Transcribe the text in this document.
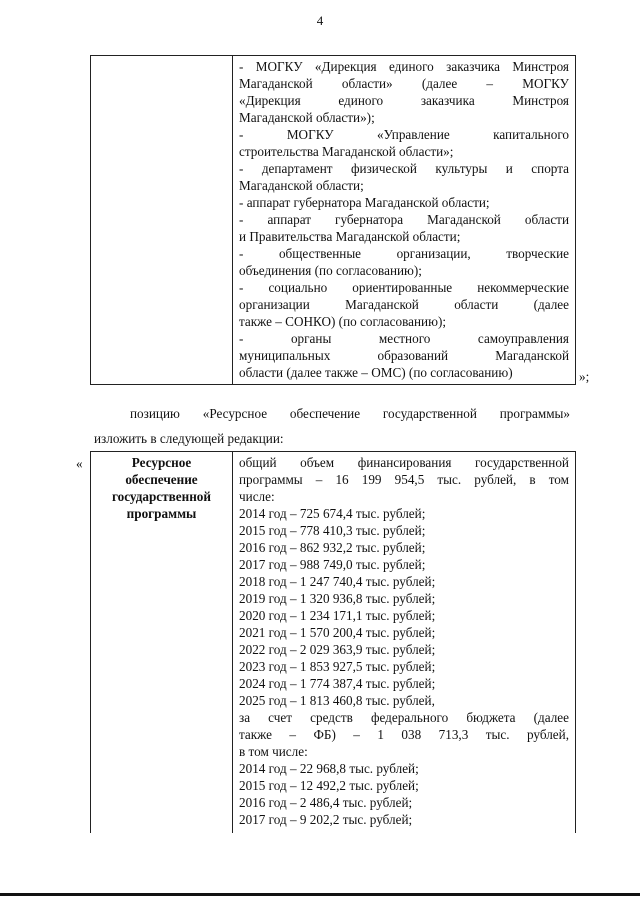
4
- МОГКУ «Дирекция единого заказчика Минстроя
Магаданской области» (далее – МОГКУ
«Дирекция единого заказчика Минстроя
Магаданской области»);
- МОГКУ «Управление капитального
строительства Магаданской области»;
- департамент физической культуры и спорта
Магаданской области;
- аппарат губернатора Магаданской области;
- аппарат губернатора Магаданской области
и Правительства Магаданской области;
- общественные организации, творческие
объединения (по согласованию);
- социально ориентированные некоммерческие
организации Магаданской области (далее
также – СОНКО) (по согласованию);
- органы местного самоуправления
муниципальных образований Магаданской
области (далее также – ОМС) (по согласованию)	»;
позицию «Ресурсное обеспечение государственной программы»
изложить в следующей редакции:
«	Ресурсное
обеспечение
государственной
программы
общий объем финансирования государственной
программы – 16 199 954,5 тыс. рублей, в том
числе:
2014 год – 725 674,4 тыс. рублей;
2015 год – 778 410,3 тыс. рублей;
2016 год – 862 932,2 тыс. рублей;
2017 год – 988 749,0 тыс. рублей;
2018 год – 1 247 740,4 тыс. рублей;
2019 год – 1 320 936,8 тыс. рублей;
2020 год – 1 234 171,1 тыс. рублей;
2021 год – 1 570 200,4 тыс. рублей;
2022 год – 2 029 363,9 тыс. рублей;
2023 год – 1 853 927,5 тыс. рублей;
2024 год – 1 774 387,4 тыс. рублей;
2025 год – 1 813 460,8 тыс. рублей,
за счет средств федерального бюджета (далее
также – ФБ) – 1 038 713,3 тыс. рублей,
в том числе:
2014 год – 22 968,8 тыс. рублей;
2015 год – 12 492,2 тыс. рублей;
2016 год – 2 486,4 тыс. рублей;
2017 год – 9 202,2 тыс. рублей;
